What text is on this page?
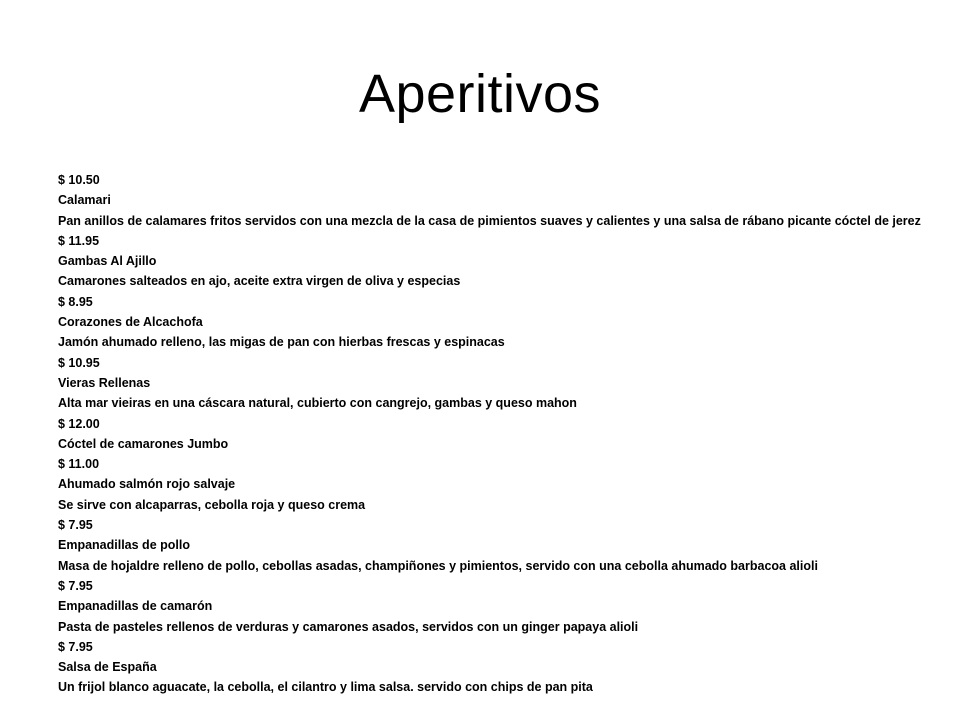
Aperitivos
$ 10.50
Calamari
Pan anillos de calamares fritos servidos con una mezcla de la casa de pimientos suaves y calientes y una salsa de rábano picante cóctel de jerez
$ 11.95
Gambas Al Ajillo
Camarones salteados en ajo, aceite extra virgen de oliva y especias
$ 8.95
Corazones de Alcachofa
Jamón ahumado relleno, las migas de pan con hierbas frescas y espinacas
$ 10.95
Vieras Rellenas
Alta mar vieiras en una cáscara natural, cubierto con cangrejo, gambas y queso mahon
$ 12.00
Cóctel de camarones Jumbo
$ 11.00
Ahumado salmón rojo salvaje
Se sirve con alcaparras, cebolla roja y queso crema
$ 7.95
Empanadillas de pollo
Masa de hojaldre relleno de pollo, cebollas asadas, champiñones y pimientos, servido con una cebolla ahumado barbacoa alioli
$ 7.95
Empanadillas de camarón
Pasta de pasteles rellenos de verduras y camarones asados, servidos con un ginger papaya alioli
$ 7.95
Salsa de España
Un frijol blanco aguacate, la cebolla, el cilantro y lima salsa. servido con chips de pan pita
